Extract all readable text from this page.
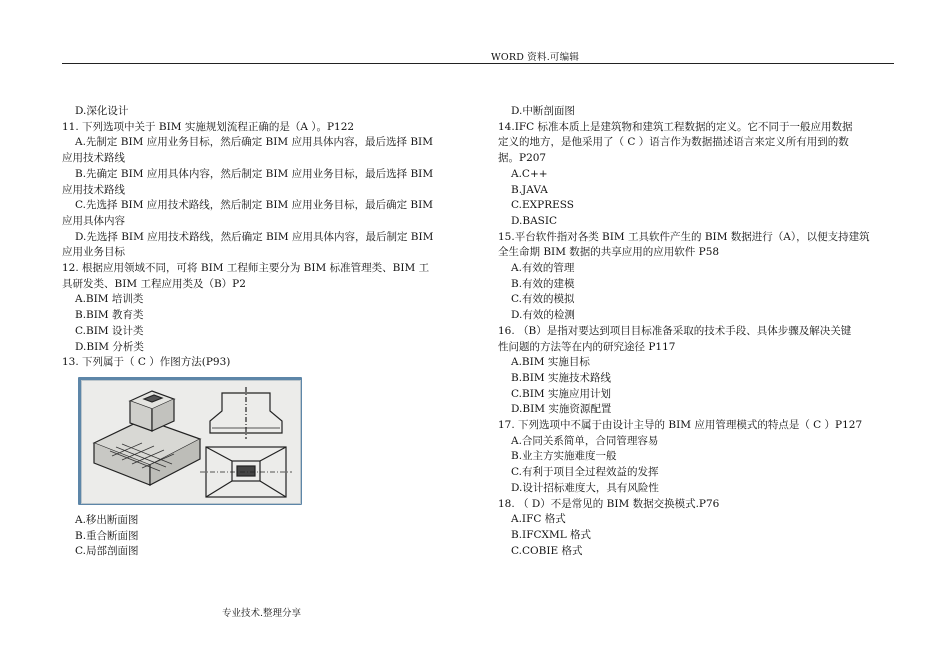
WORD 资料.可编辑
D.深化设计
11. 下列选项中关于 BIM 实施规划流程正确的是（A ）。P122
A.先制定 BIM 应用业务目标，然后确定 BIM 应用具体内容，最后选择 BIM
应用技术路线
B.先确定 BIM 应用具体内容，然后制定 BIM 应用业务目标，最后选择 BIM
应用技术路线
C.先选择 BIM 应用技术路线，然后制定 BIM 应用业务目标，最后确定 BIM
应用具体内容
D.先选择 BIM 应用技术路线，然后确定 BIM 应用具体内容，最后制定 BIM
应用业务目标
12. 根据应用领域不同，可将 BIM 工程师主要分为 BIM 标准管理类、BIM 工
具研发类、BIM 工程应用类及（B）P2
A.BIM 培训类
B.BIM 教育类
C.BIM 设计类
D.BIM 分析类
13. 下列属于（ C ）作图方法(P93)
A.移出断面图
B.重合断面图
C.局部剖面图
D.中断剖面图
14.IFC 标准本质上是建筑物和建筑工程数据的定义。它不同于一般应用数据
定义的地方，是他采用了（ C ）语言作为数据描述语言来定义所有用到的数
据。P207
A.C++
B.JAVA
C.EXPRESS
D.BASIC
15.平台软件指对各类 BIM 工具软件产生的 BIM 数据进行（A），以便支持建筑
全生命期 BIM 数据的共享应用的应用软件 P58
A.有效的管理
B.有效的建模
C.有效的模拟
D.有效的检测
16. （B）是指对要达到项目目标准备采取的技术手段、具体步骤及解决关键
性问题的方法等在内的研究途径 P117
A.BIM 实施目标
B.BIM 实施技术路线
C.BIM 实施应用计划
D.BIM 实施资源配置
17. 下列选项中不属于由设计主导的 BIM 应用管理模式的特点是（ C ）P127
A.合同关系简单，合同管理容易
B.业主方实施难度一般
C.有利于项目全过程效益的发挥
D.设计招标难度大，具有风险性
18. （ D）不是常见的 BIM 数据交换模式.P76
A.IFC 格式
B.IFCXML 格式
C.COBIE 格式
专业技术.整理分享
